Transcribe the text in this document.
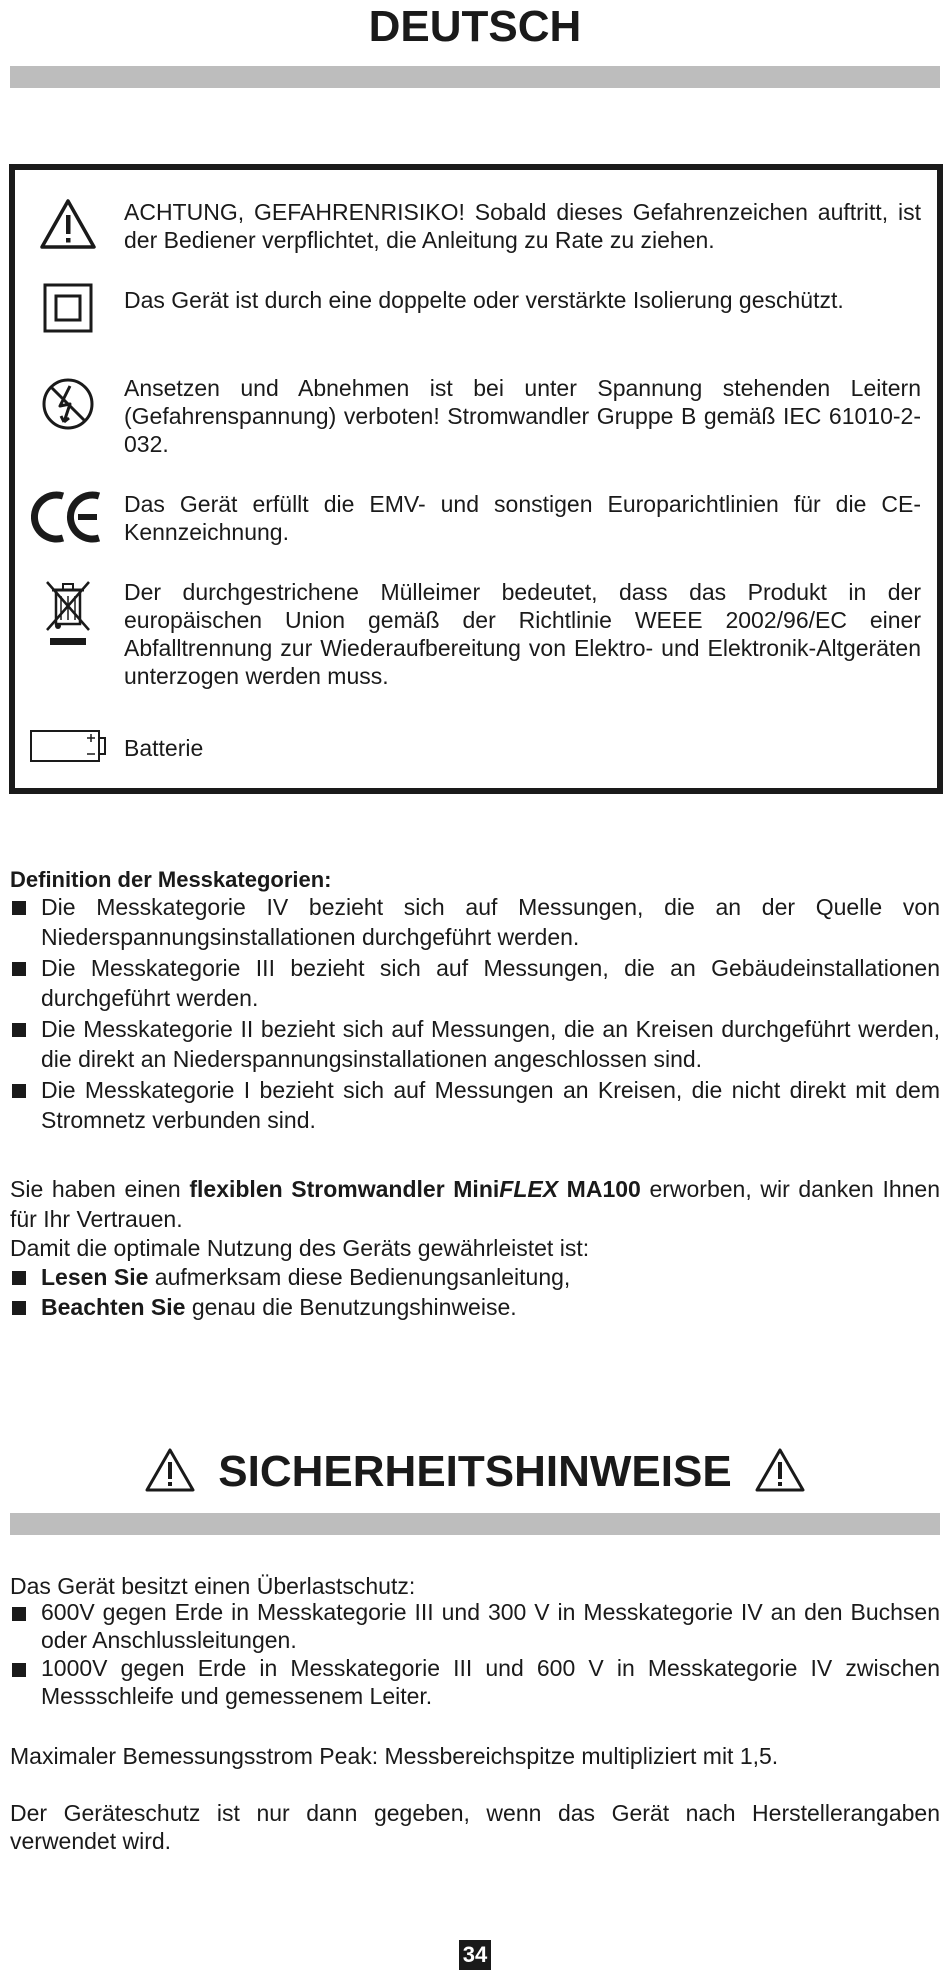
DEUTSCH
ACHTUNG, GEFAHRENRISIKO! Sobald dieses Gefahrenzeichen auftritt, ist der Bediener verpflichtet, die Anleitung zu Rate zu ziehen.
Das Gerät ist durch eine doppelte oder verstärkte Isolierung geschützt.
Ansetzen und Abnehmen ist bei unter Spannung stehenden Leitern (Gefahrenspannung) verboten! Stromwandler Gruppe B gemäß IEC 61010-2-032.
Das Gerät erfüllt die EMV- und sonstigen Europarichtlinien für die CE-Kennzeichnung.
Der durchgestrichene Mülleimer bedeutet, dass das Produkt in der europäischen Union gemäß der Richtlinie WEEE 2002/96/EC einer Abfalltrennung zur Wiederaufbereitung von Elektro- und Elektronik-Altgeräten unterzogen werden muss.
Batterie
Definition der Messkategorien:
Die Messkategorie IV bezieht sich auf Messungen, die an der Quelle von Niederspannungsinstallationen durchgeführt werden.
Die Messkategorie III bezieht sich auf Messungen, die an Gebäudeinstallationen durchgeführt werden.
Die Messkategorie II bezieht sich auf Messungen, die an Kreisen durchgeführt werden, die direkt an Niederspannungsinstallationen angeschlossen sind.
Die Messkategorie I bezieht sich auf Messungen an Kreisen, die nicht direkt mit dem Stromnetz verbunden sind.
Sie haben einen flexiblen Stromwandler MiniFLEX MA100 erworben, wir danken Ihnen für Ihr Vertrauen.
Damit die optimale Nutzung des Geräts gewährleistet ist:
Lesen Sie aufmerksam diese Bedienungsanleitung,
Beachten Sie genau die Benutzungshinweise.
SICHERHEITSHINWEISE
Das Gerät besitzt einen Überlastschutz:
600V gegen Erde in Messkategorie III und 300 V in Messkategorie IV an den Buchsen oder Anschlussleitungen.
1000V gegen Erde in Messkategorie III und 600 V in Messkategorie IV zwischen Messschleife und gemessenem Leiter.
Maximaler Bemessungsstrom Peak: Messbereichspitze multipliziert mit 1,5.
Der Geräteschutz ist nur dann gegeben, wenn das Gerät nach Herstellerangaben verwendet wird.
34
